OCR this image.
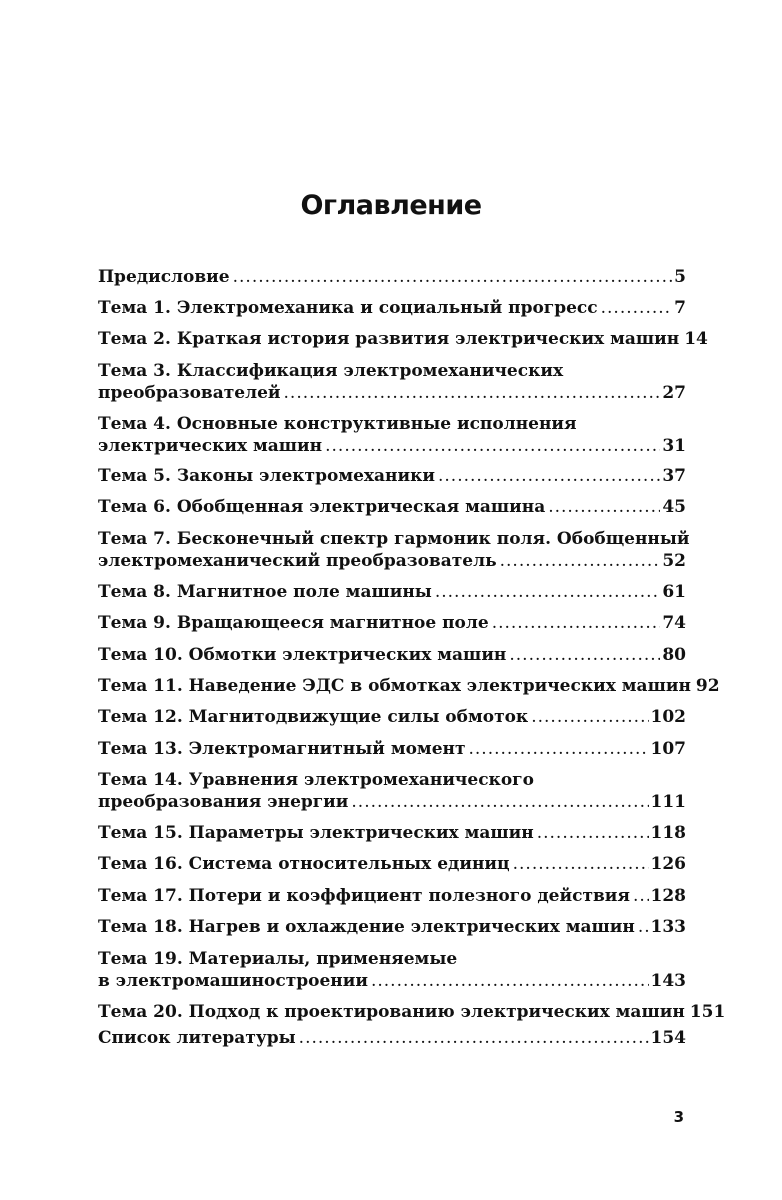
Оглавление
Предисловие .....	5
Тема 1. Электромеханика и социальный прогресс .....	7
Тема 2. Краткая история развития электрических машин 14
Тема 3. Классификация электромеханических
преобразователей .....	27
Тема 4. Основные конструктивные исполнения
электрических машин .....	31
Тема 5. Законы электромеханики .....	37
Тема 6. Обобщенная электрическая машина .....	45
Тема 7. Бесконечный спектр гармоник поля. Обобщенный
электромеханический преобразователь .....	52
Тема 8. Магнитное поле машины .....	61
Тема 9. Вращающееся магнитное поле .....	74
Тема 10. Обмотки электрических машин .....	80
Тема 11. Наведение ЭДС в обмотках электрических машин 92
Тема 12. Магнитодвижущие силы обмоток .....	102
Тема 13. Электромагнитный момент .....	107
Тема 14. Уравнения электромеханического
преобразования энергии .....	111
Тема 15. Параметры электрических машин .....	118
Тема 16. Система относительных единиц .....	126
Тема 17. Потери и коэффициент полезного действия ..... 128
Тема 18. Нагрев и охлаждение электрических машин ..... 133
Тема 19. Материалы, применяемые
в электромашиностроении .....	143
Тема 20. Подход к проектированию электрических машин 151
Список литературы .....	154
3
